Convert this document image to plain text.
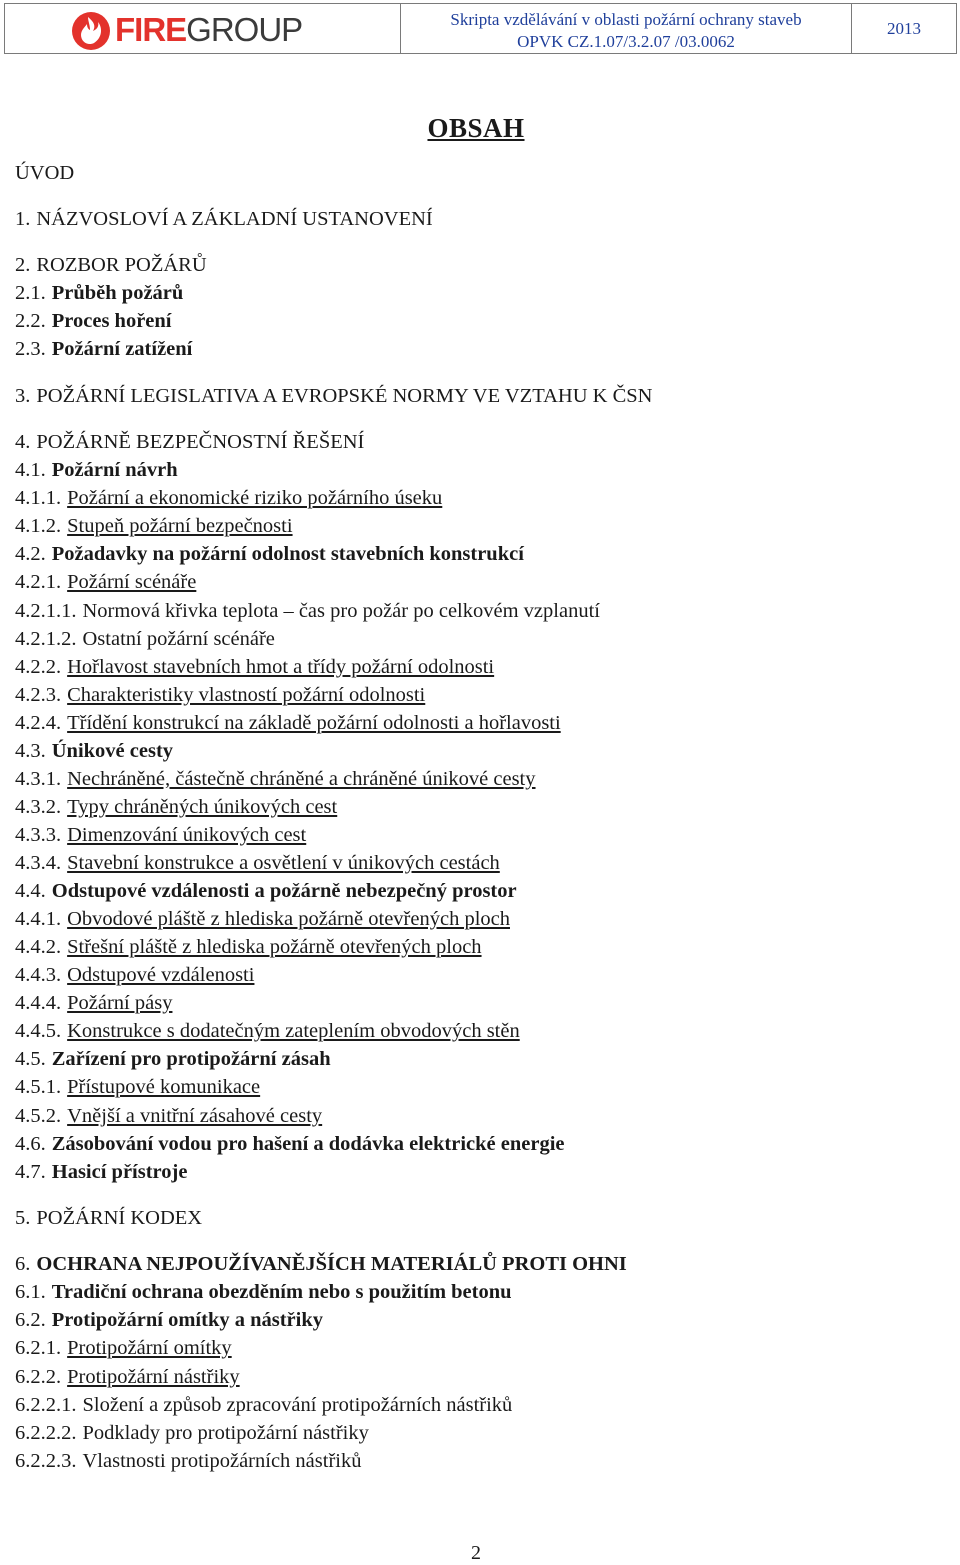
FIREGROUP	Skripta vzdělávání v oblasti požární ochrany staveb
OPVK CZ.1.07/3.2.07 /03.0062
2013
OBSAH
ÚVOD
1. NÁZVOSLOVÍ A ZÁKLADNÍ USTANOVENÍ
2. ROZBOR POŽÁRŮ
2.1. Průběh požárů
2.2. Proces hoření
2.3. Požární zatížení
3. POŽÁRNÍ LEGISLATIVA A EVROPSKÉ NORMY VE VZTAHU K ČSN
4. POŽÁRNĚ BEZPEČNOSTNÍ ŘEŠENÍ
4.1. Požární návrh
4.1.1. Požární a ekonomické riziko požárního úseku
4.1.2. Stupeň požární bezpečnosti
4.2. Požadavky na požární odolnost stavebních konstrukcí
4.2.1. Požární scénáře
4.2.1.1. Normová křivka teplota – čas pro požár po celkovém vzplanutí
4.2.1.2. Ostatní požární scénáře
4.2.2. Hořlavost stavebních hmot a třídy požární odolnosti
4.2.3. Charakteristiky vlastností požární odolnosti
4.2.4. Třídění konstrukcí na základě požární odolnosti a hořlavosti
4.3. Únikové cesty
4.3.1. Nechráněné, částečně chráněné a chráněné únikové cesty
4.3.2. Typy chráněných únikových cest
4.3.3. Dimenzování únikových cest
4.3.4. Stavební konstrukce a osvětlení v únikových cestách
4.4. Odstupové vzdálenosti a požárně nebezpečný prostor
4.4.1. Obvodové pláště z hlediska požárně otevřených ploch
4.4.2. Střešní pláště z hlediska požárně otevřených ploch
4.4.3. Odstupové vzdálenosti
4.4.4. Požární pásy
4.4.5. Konstrukce s dodatečným zateplením obvodových stěn
4.5. Zařízení pro protipožární zásah
4.5.1. Přístupové komunikace
4.5.2. Vnější a vnitřní zásahové cesty
4.6. Zásobování vodou pro hašení a dodávka elektrické energie
4.7. Hasicí přístroje
5. POŽÁRNÍ KODEX
6. OCHRANA NEJPOUŽÍVANĚJŠÍCH MATERIÁLŮ PROTI OHNI
6.1. Tradiční ochrana obezděním nebo s použitím betonu
6.2. Protipožární omítky a nástřiky
6.2.1. Protipožární omítky
6.2.2. Protipožární nástřiky
6.2.2.1. Složení a způsob zpracování protipožárních nástřiků
6.2.2.2. Podklady pro protipožární nástřiky
6.2.2.3. Vlastnosti protipožárních nástřiků
2
